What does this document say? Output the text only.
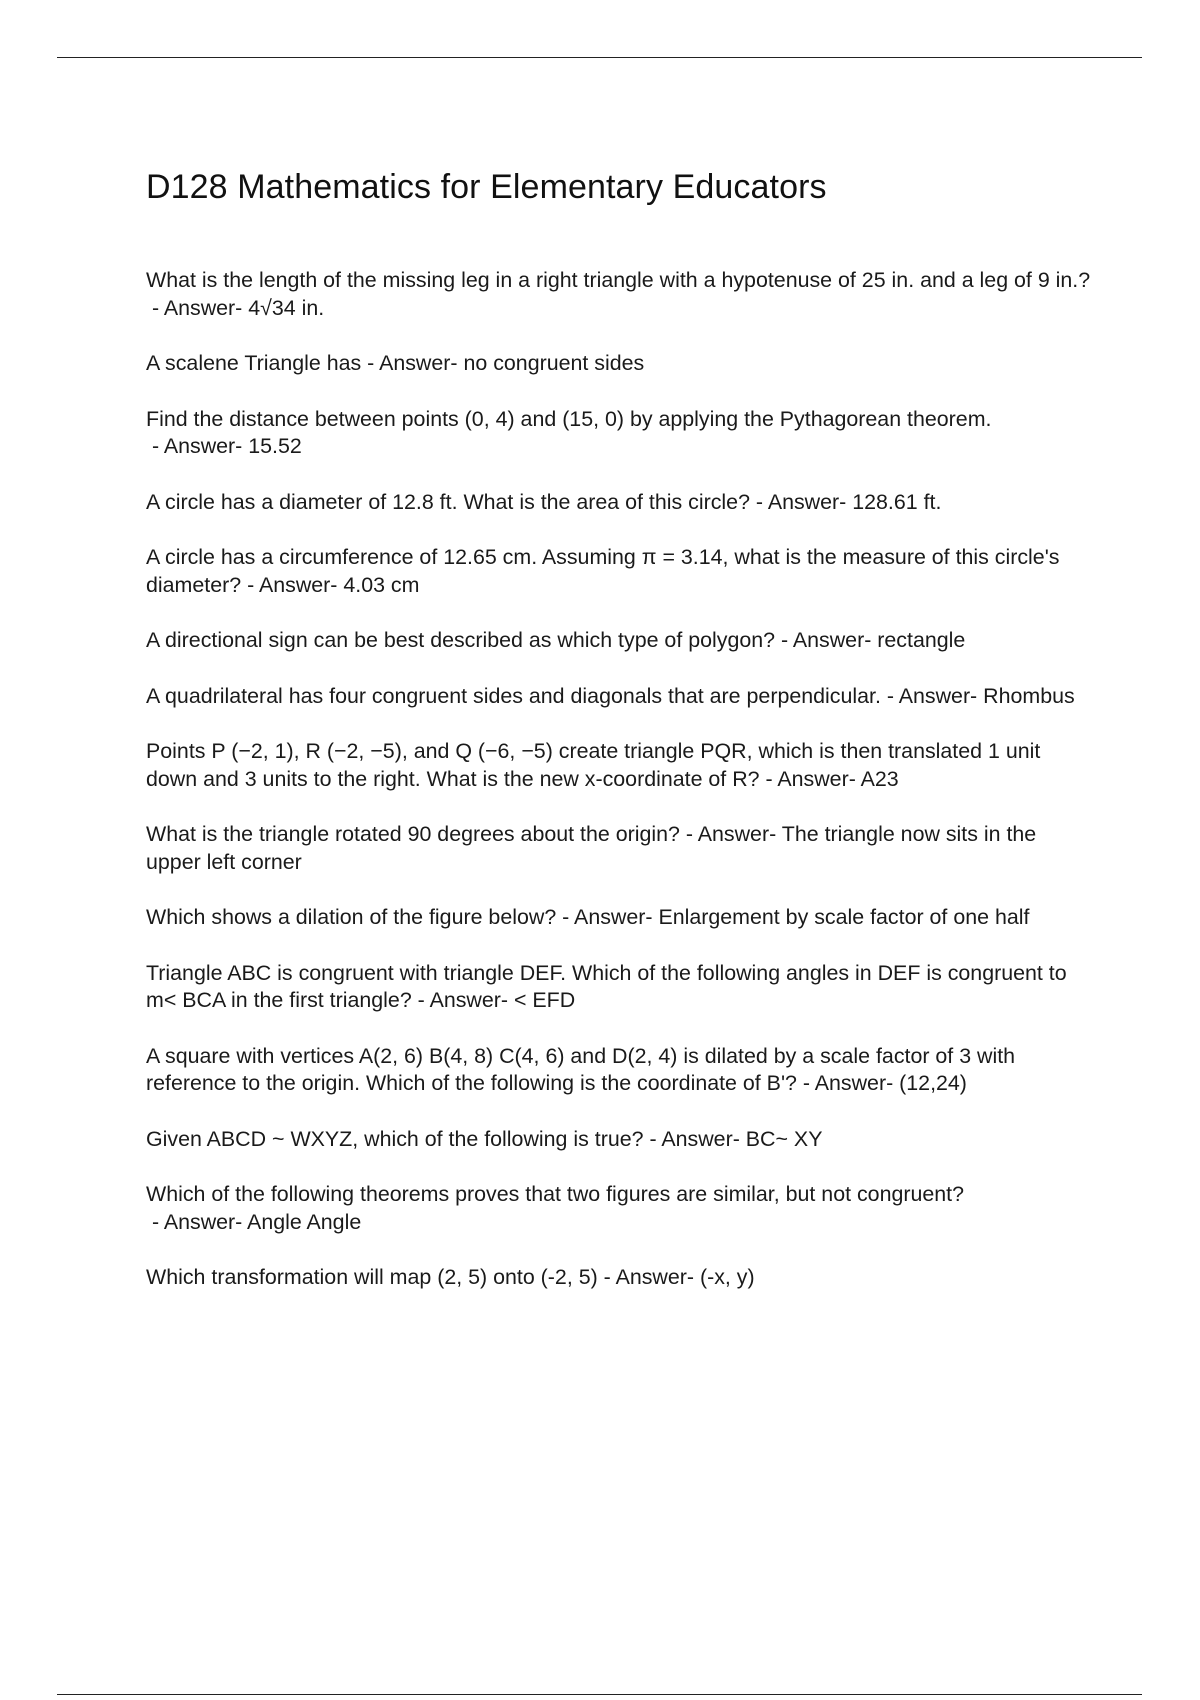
D128 Mathematics for Elementary Educators
What is the length of the missing leg in a right triangle with a hypotenuse of 25 in. and a leg of 9 in.? - Answer- 4√34 in.
A scalene Triangle has - Answer- no congruent sides
Find the distance between points (0, 4) and (15, 0) by applying the Pythagorean theorem. - Answer- 15.52
A circle has a diameter of 12.8 ft. What is the area of this circle? - Answer- 128.61 ft.
A circle has a circumference of 12.65 cm. Assuming π = 3.14, what is the measure of this circle's diameter? - Answer- 4.03 cm
A directional sign can be best described as which type of polygon? - Answer- rectangle
A quadrilateral has four congruent sides and diagonals that are perpendicular. - Answer- Rhombus
Points P (−2, 1), R (−2, −5), and Q (−6, −5) create triangle PQR, which is then translated 1 unit down and 3 units to the right. What is the new x-coordinate of R? - Answer- A23
What is the triangle rotated 90 degrees about the origin? - Answer- The triangle now sits in the upper left corner
Which shows a dilation of the figure below? - Answer- Enlargement by scale factor of one half
Triangle ABC is congruent with triangle DEF. Which of the following angles in DEF is congruent to m< BCA in the first triangle? - Answer- < EFD
A square with vertices A(2, 6) B(4, 8) C(4, 6) and D(2, 4) is dilated by a scale factor of 3 with reference to the origin. Which of the following is the coordinate of B'? - Answer- (12,24)
Given ABCD ~ WXYZ, which of the following is true? - Answer- BC~ XY
Which of the following theorems proves that two figures are similar, but not congruent? - Answer- Angle Angle
Which transformation will map (2, 5) onto (-2, 5) - Answer- (-x, y)
